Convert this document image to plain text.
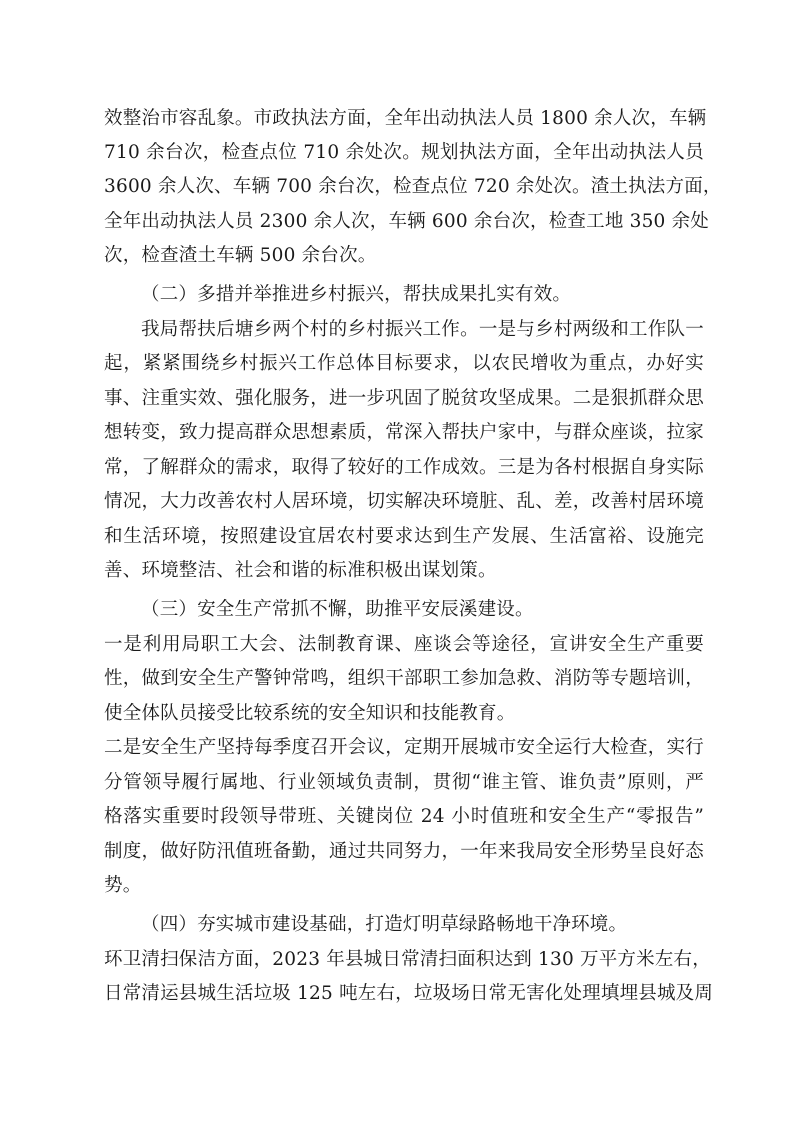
效整治市容乱象。市政执法方面，全年出动执法人员 1800 余人次，车辆
710 余台次，检查点位 710 余处次。规划执法方面，全年出动执法人员
3600 余人次、车辆 700 余台次，检查点位 720 余处次。渣土执法方面，
全年出动执法人员 2300 余人次，车辆 600 余台次，检查工地 350 余处
次，检查渣土车辆 500 余台次。
（二）多措并举推进乡村振兴，帮扶成果扎实有效。
我局帮扶后塘乡两个村的乡村振兴工作。一是与乡村两级和工作队一
起，紧紧围绕乡村振兴工作总体目标要求，以农民增收为重点，办好实
事、注重实效、强化服务，进一步巩固了脱贫攻坚成果。二是狠抓群众思
想转变，致力提高群众思想素质，常深入帮扶户家中，与群众座谈，拉家
常，了解群众的需求，取得了较好的工作成效。三是为各村根据自身实际
情况，大力改善农村人居环境，切实解决环境脏、乱、差，改善村居环境
和生活环境，按照建设宜居农村要求达到生产发展、生活富裕、设施完
善、环境整洁、社会和谐的标准积极出谋划策。
（三）安全生产常抓不懈，助推平安辰溪建设。
一是利用局职工大会、法制教育课、座谈会等途径，宣讲安全生产重要
性，做到安全生产警钟常鸣，组织干部职工参加急救、消防等专题培训，
使全体队员接受比较系统的安全知识和技能教育。
二是安全生产坚持每季度召开会议，定期开展城市安全运行大检查，实行
分管领导履行属地、行业领域负责制，贯彻“谁主管、谁负责”原则，严
格落实重要时段领导带班、关键岗位 24 小时值班和安全生产“零报告”
制度，做好防汛值班备勤，通过共同努力，一年来我局安全形势呈良好态
势。
（四）夯实城市建设基础，打造灯明草绿路畅地干净环境。
环卫清扫保洁方面，2023 年县城日常清扫面积达到 130 万平方米左右，
日常清运县城生活垃圾 125 吨左右，垃圾场日常无害化处理填埋县城及周
